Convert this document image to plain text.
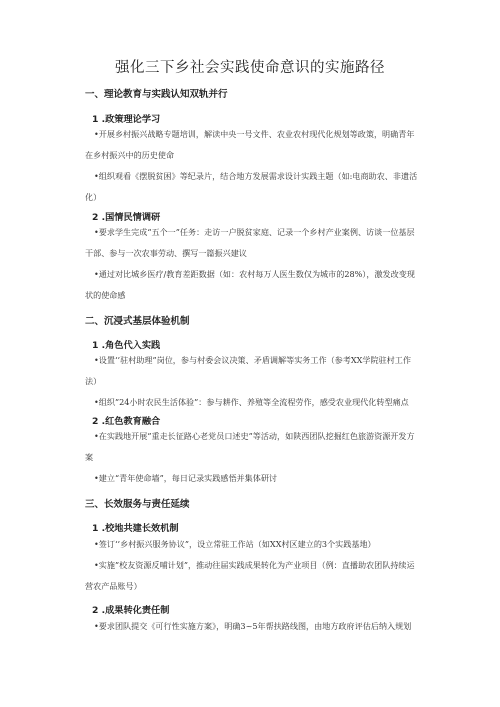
强化三下乡社会实践使命意识的实施路径
一、理论教育与实践认知双轨并行
1 .政策理论学习
•开展乡村振兴战略专题培训，解读中央一号文件、农业农村现代化规划等政策，明确青年在乡村振兴中的历史使命
•组织观看《摆脱贫困》等纪录片，结合地方发展需求设计实践主题（如:电商助农、非遗活化）
2 .国情民情调研
•要求学生完成“五个一”任务：走访一户脱贫家庭、记录一个乡村产业案例、访谈一位基层干部、参与一次农事劳动、撰写一篇振兴建议
•通过对比城乡医疗/教育差距数据（如：农村每万人医生数仅为城市的28%），激发改变现状的使命感
二、沉浸式基层体验机制
1 .角色代入实践
•设置‘’驻村助理”岗位，参与村委会议决策、矛盾调解等实务工作（参考XX学院驻村工作法）
•组织”24小时农民生活体验”：参与耕作、养殖等全流程劳作，感受农业现代化转型痛点
2 .红色教育融合
•在实践地开展”重走长征路心老党员口述史”等活动，如陕西团队挖掘红色旅游资源开发方案
•建立“青年使命墙”，每日记录实践感悟并集体研讨
三、长效服务与责任延续
1 .校地共建长效机制
•签订‘’乡村振兴服务协议”，设立常驻工作站（如XX村区建立的3个实践基地）
•实施”校友资源反哺计划”，推动往届实践成果转化为产业项目（例：直播助农团队持续运营农产品账号）
2 .成果转化责任制
•要求团队提交《可行性实施方案》，明确3~5年帮扶路线图，由地方政府评估后纳入规划
